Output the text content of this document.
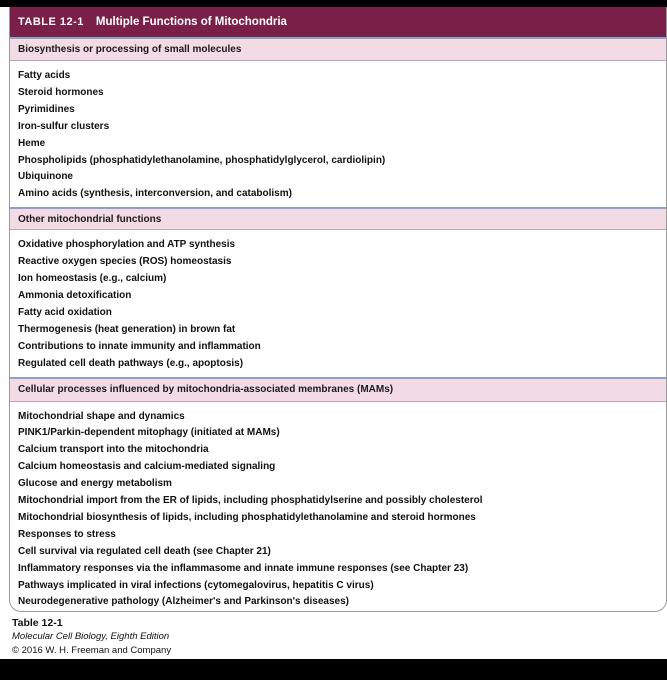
TABLE 12-1 Multiple Functions of Mitochondria
Biosynthesis or processing of small molecules
Fatty acids
Steroid hormones
Pyrimidines
Iron-sulfur clusters
Heme
Phospholipids (phosphatidylethanolamine, phosphatidylglycerol, cardiolipin)
Ubiquinone
Amino acids (synthesis, interconversion, and catabolism)
Other mitochondrial functions
Oxidative phosphorylation and ATP synthesis
Reactive oxygen species (ROS) homeostasis
Ion homeostasis (e.g., calcium)
Ammonia detoxification
Fatty acid oxidation
Thermogenesis (heat generation) in brown fat
Contributions to innate immunity and inflammation
Regulated cell death pathways (e.g., apoptosis)
Cellular processes influenced by mitochondria-associated membranes (MAMs)
Mitochondrial shape and dynamics
PINK1/Parkin-dependent mitophagy (initiated at MAMs)
Calcium transport into the mitochondria
Calcium homeostasis and calcium-mediated signaling
Glucose and energy metabolism
Mitochondrial import from the ER of lipids, including phosphatidylserine and possibly cholesterol
Mitochondrial biosynthesis of lipids, including phosphatidylethanolamine and steroid hormones
Responses to stress
Cell survival via regulated cell death (see Chapter 21)
Inflammatory responses via the inflammasome and innate immune responses (see Chapter 23)
Pathways implicated in viral infections (cytomegalovirus, hepatitis C virus)
Neurodegenerative pathology (Alzheimer's and Parkinson's diseases)
Table 12-1
Molecular Cell Biology, Eighth Edition
© 2016 W. H. Freeman and Company
